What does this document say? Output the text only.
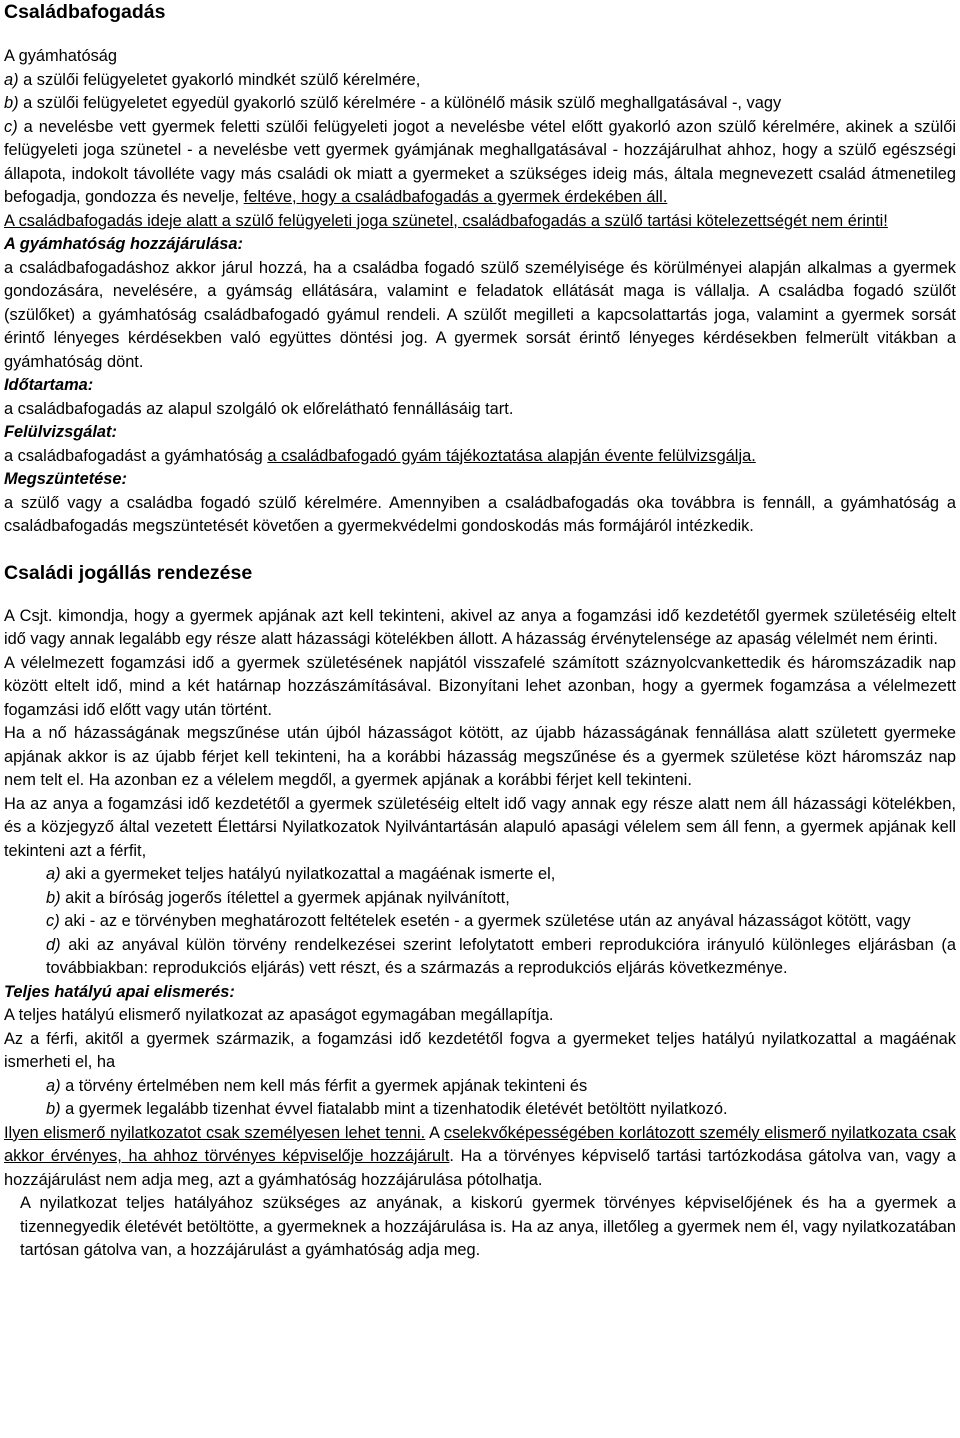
Családbafogadás

A gyámhatóság

a) a szülői felügyeletet gyakorló mindkét szülő kérelmére,

b) a szülői felügyeletet egyedül gyakorló szülő kérelmére - a különélő másik szülő meghallgatásával -, vagy

c) a nevelésbe vett gyermek feletti szülői felügyeleti jogot a nevelésbe vétel előtt gyakorló azon szülő kérelmére, akinek a szülői felügyeleti joga szünetel - a nevelésbe vett gyermek gyámjának meghallgatásával - hozzájárulhat ahhoz, hogy a szülő egészségi állapota, indokolt távolléte vagy más családi ok miatt a gyermeket a szükséges ideig más, általa megnevezett család átmenetileg befogadja, gondozza és nevelje, feltéve, hogy a családbafogadás a gyermek érdekében áll.

A családbafogadás ideje alatt a szülő felügyeleti joga szünetel, családbafogadás a szülő tartási kötelezettségét nem érinti!

A gyámhatóság hozzájárulása:

a családbafogadáshoz akkor járul hozzá, ha a családba fogadó szülő személyisége és körülményei alapján alkalmas a gyermek gondozására, nevelésére, a gyámság ellátására, valamint e feladatok ellátását maga is vállalja. A családba fogadó szülőt (szülőket) a gyámhatóság családbafogadó gyámul rendeli. A szülőt megilleti a kapcsolattartás joga, valamint a gyermek sorsát érintő lényeges kérdésekben való együttes döntési jog. A gyermek sorsát érintő lényeges kérdésekben felmerült vitákban a gyámhatóság dönt.

Időtartama:

a családbafogadás az alapul szolgáló ok előrelátható fennállásáig tart.

Felülvizsgálat:

a családbafogadást a gyámhatóság a családbafogadó gyám tájékoztatása alapján évente felülvizsgálja.

Megszüntetése:

a szülő vagy a családba fogadó szülő kérelmére. Amennyiben a családbafogadás oka továbbra is fennáll, a gyámhatóság a családbafogadás megszüntetését követően a gyermekvédelmi gondoskodás más formájáról intézkedik.

Családi jogállás rendezése

A Csjt. kimondja, hogy a gyermek apjának azt kell tekinteni, akivel az anya a fogamzási idő kezdetétől gyermek születéséig eltelt idő vagy annak legalább egy része alatt házassági kötelékben állott. A házasság érvénytelensége az apaság vélelmét nem érinti.

A vélelmezett fogamzási idő a gyermek születésének napjától visszafelé számított száznyolcvankettedik és háromszázadik nap között eltelt idő, mind a két határnap hozzászámításával. Bizonyítani lehet azonban, hogy a gyermek fogamzása a vélelmezett fogamzási idő előtt vagy után történt.

Ha a nő házasságának megszűnése után újból házasságot kötött, az újabb házasságának fennállása alatt született gyermeke apjának akkor is az újabb férjet kell tekinteni, ha a korábbi házasság megszűnése és a gyermek születése közt háromszáz nap nem telt el. Ha azonban ez a vélelem megdől, a gyermek apjának a korábbi férjet kell tekinteni.

Ha az anya a fogamzási idő kezdetétől a gyermek születéséig eltelt idő vagy annak egy része alatt nem áll házassági kötelékben, és a közjegyző által vezetett Élettársi Nyilatkozatok Nyilvántartásán alapuló apasági vélelem sem áll fenn, a gyermek apjának kell tekinteni azt a férfit,

a) aki a gyermeket teljes hatályú nyilatkozattal a magáénak ismerte el,

b) akit a bíróság jogerős ítélettel a gyermek apjának nyilvánított,

c) aki - az e törvényben meghatározott feltételek esetén - a gyermek születése után az anyával házasságot kötött, vagy

d) aki az anyával külön törvény rendelkezései szerint lefolytatott emberi reprodukcióra irányuló különleges eljárásban (a továbbiakban: reprodukciós eljárás) vett részt, és a származás a reprodukciós eljárás következménye.

Teljes hatályú apai elismerés:

A teljes hatályú elismerő nyilatkozat az apaságot egymagában megállapítja.

Az a férfi, akitől a gyermek származik, a fogamzási idő kezdetétől fogva a gyermeket teljes hatályú nyilatkozattal a magáénak ismerheti el, ha

a) a törvény értelmében nem kell más férfit a gyermek apjának tekinteni és

b) a gyermek legalább tizenhat évvel fiatalabb mint a tizenhatodik életévét betöltött nyilatkozó.

Ilyen elismerő nyilatkozatot csak személyesen lehet tenni. A cselekvőképességében korlátozott személy elismerő nyilatkozata csak akkor érvényes, ha ahhoz törvényes képviselője hozzájárult. Ha a törvényes képviselő tartási tartózkodása gátolva van, vagy a hozzájárulást nem adja meg, azt a gyámhatóság hozzájárulása pótolhatja.

A nyilatkozat teljes hatályához szükséges az anyának, a kiskorú gyermek törvényes képviselőjének és ha a gyermek a tizennegyedik életévét betöltötte, a gyermeknek a hozzájárulása is. Ha az anya, illetőleg a gyermek nem él, vagy nyilatkozatában tartósan gátolva van, a hozzájárulást a gyámhatóság adja meg.
